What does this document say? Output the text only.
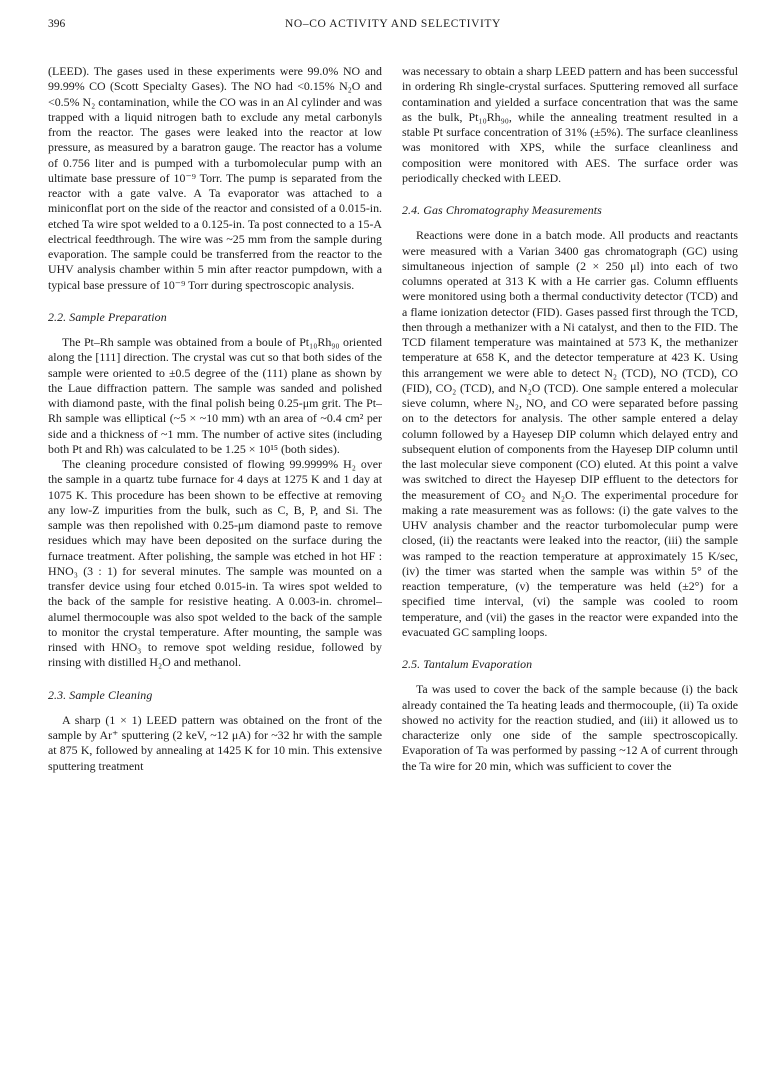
396	NO–CO ACTIVITY AND SELECTIVITY

(LEED). The gases used in these experiments were 99.0% NO and 99.99% CO (Scott Specialty Gases). The NO had <0.15% N₂O and <0.5% N₂ contamination, while the CO was in an Al cylinder and was trapped with a liquid nitrogen bath to exclude any metal carbonyls from the reactor. The gases were leaked into the reactor at low pressure, as measured by a baratron gauge. The reactor has a volume of 0.756 liter and is pumped with a turbomolecular pump with an ultimate base pressure of 10⁻⁹ Torr. The pump is separated from the reactor with a gate valve. A Ta evaporator was attached to a miniconflat port on the side of the reactor and consisted of a 0.015-in. etched Ta wire spot welded to a 0.125-in. Ta post connected to a 15-A electrical feedthrough. The wire was ~25 mm from the sample during evaporation. The sample could be transferred from the reactor to the UHV analysis chamber within 5 min after reactor pumpdown, with a typical base pressure of 10⁻⁹ Torr during spectroscopic analysis.

2.2. Sample Preparation

The Pt–Rh sample was obtained from a boule of Pt₁₀Rh₉₀ oriented along the [111] direction. The crystal was cut so that both sides of the sample were oriented to ±0.5 degree of the (111) plane as shown by the Laue diffraction pattern. The sample was sanded and polished with diamond paste, with the final polish being 0.25-μm grit. The Pt–Rh sample was elliptical (~5 × ~10 mm) wth an area of ~0.4 cm² per side and a thickness of ~1 mm. The number of active sites (including both Pt and Rh) was calculated to be 1.25 × 10¹⁵ (both sides).

The cleaning procedure consisted of flowing 99.9999% H₂ over the sample in a quartz tube furnace for 4 days at 1275 K and 1 day at 1075 K. This procedure has been shown to be effective at removing any low-Z impurities from the bulk, such as C, B, P, and Si. The sample was then repolished with 0.25-μm diamond paste to remove residues which may have been deposited on the surface during the furnace treatment. After polishing, the sample was etched in hot HF : HNO₃ (3 : 1) for several minutes. The sample was mounted on a transfer device using four etched 0.015-in. Ta wires spot welded to the back of the sample for resistive heating. A 0.003-in. chromel–alumel thermocouple was also spot welded to the back of the sample to monitor the crystal temperature. After mounting, the sample was rinsed with HNO₃ to remove spot welding residue, followed by rinsing with distilled H₂O and methanol.

2.3. Sample Cleaning

A sharp (1 × 1) LEED pattern was obtained on the front of the sample by Ar⁺ sputtering (2 keV, ~12 μA) for ~32 hr with the sample at 875 K, followed by annealing at 1425 K for 10 min. This extensive sputtering treatment

was necessary to obtain a sharp LEED pattern and has been successful in ordering Rh single-crystal surfaces. Sputtering removed all surface contamination and yielded a surface concentration that was the same as the bulk, Pt₁₀Rh₉₀, while the annealing treatment resulted in a stable Pt surface concentration of 31% (±5%). The surface cleanliness was monitored with XPS, while the surface cleanliness and composition were monitored with AES. The surface order was periodically checked with LEED.

2.4. Gas Chromatography Measurements

Reactions were done in a batch mode. All products and reactants were measured with a Varian 3400 gas chromatograph (GC) using simultaneous injection of sample (2 × 250 μl) into each of two columns operated at 313 K with a He carrier gas. Column effluents were monitored using both a thermal conductivity detector (TCD) and a flame ionization detector (FID). Gases passed first through the TCD, then through a methanizer with a Ni catalyst, and then to the FID. The TCD filament temperature was maintained at 573 K, the methanizer temperature at 658 K, and the detector temperature at 423 K. Using this arrangement we were able to detect N₂ (TCD), NO (TCD), CO (FID), CO₂ (TCD), and N₂O (TCD). One sample entered a molecular sieve column, where N₂, NO, and CO were separated before passing on to the detectors for analysis. The other sample entered a delay column followed by a Hayesep DIP column which delayed entry and subsequent elution of components from the Hayesep DIP column until the last molecular sieve component (CO) eluted. At this point a valve was switched to direct the Hayesep DIP effluent to the detectors for the measurement of CO₂ and N₂O. The experimental procedure for making a rate measurement was as follows: (i) the gate valves to the UHV analysis chamber and the reactor turbomolecular pump were closed, (ii) the reactants were leaked into the reactor, (iii) the sample was ramped to the reaction temperature at approximately 15 K/sec, (iv) the timer was started when the sample was within 5° of the reaction temperature, (v) the temperature was held (±2°) for a specified time interval, (vi) the sample was cooled to room temperature, and (vii) the gases in the reactor were expanded into the evacuated GC sampling loops.

2.5. Tantalum Evaporation

Ta was used to cover the back of the sample because (i) the back already contained the Ta heating leads and thermocouple, (ii) Ta oxide showed no activity for the reaction studied, and (iii) it allowed us to characterize only one side of the sample spectroscopically. Evaporation of Ta was performed by passing ~12 A of current through the Ta wire for 20 min, which was sufficient to cover the
